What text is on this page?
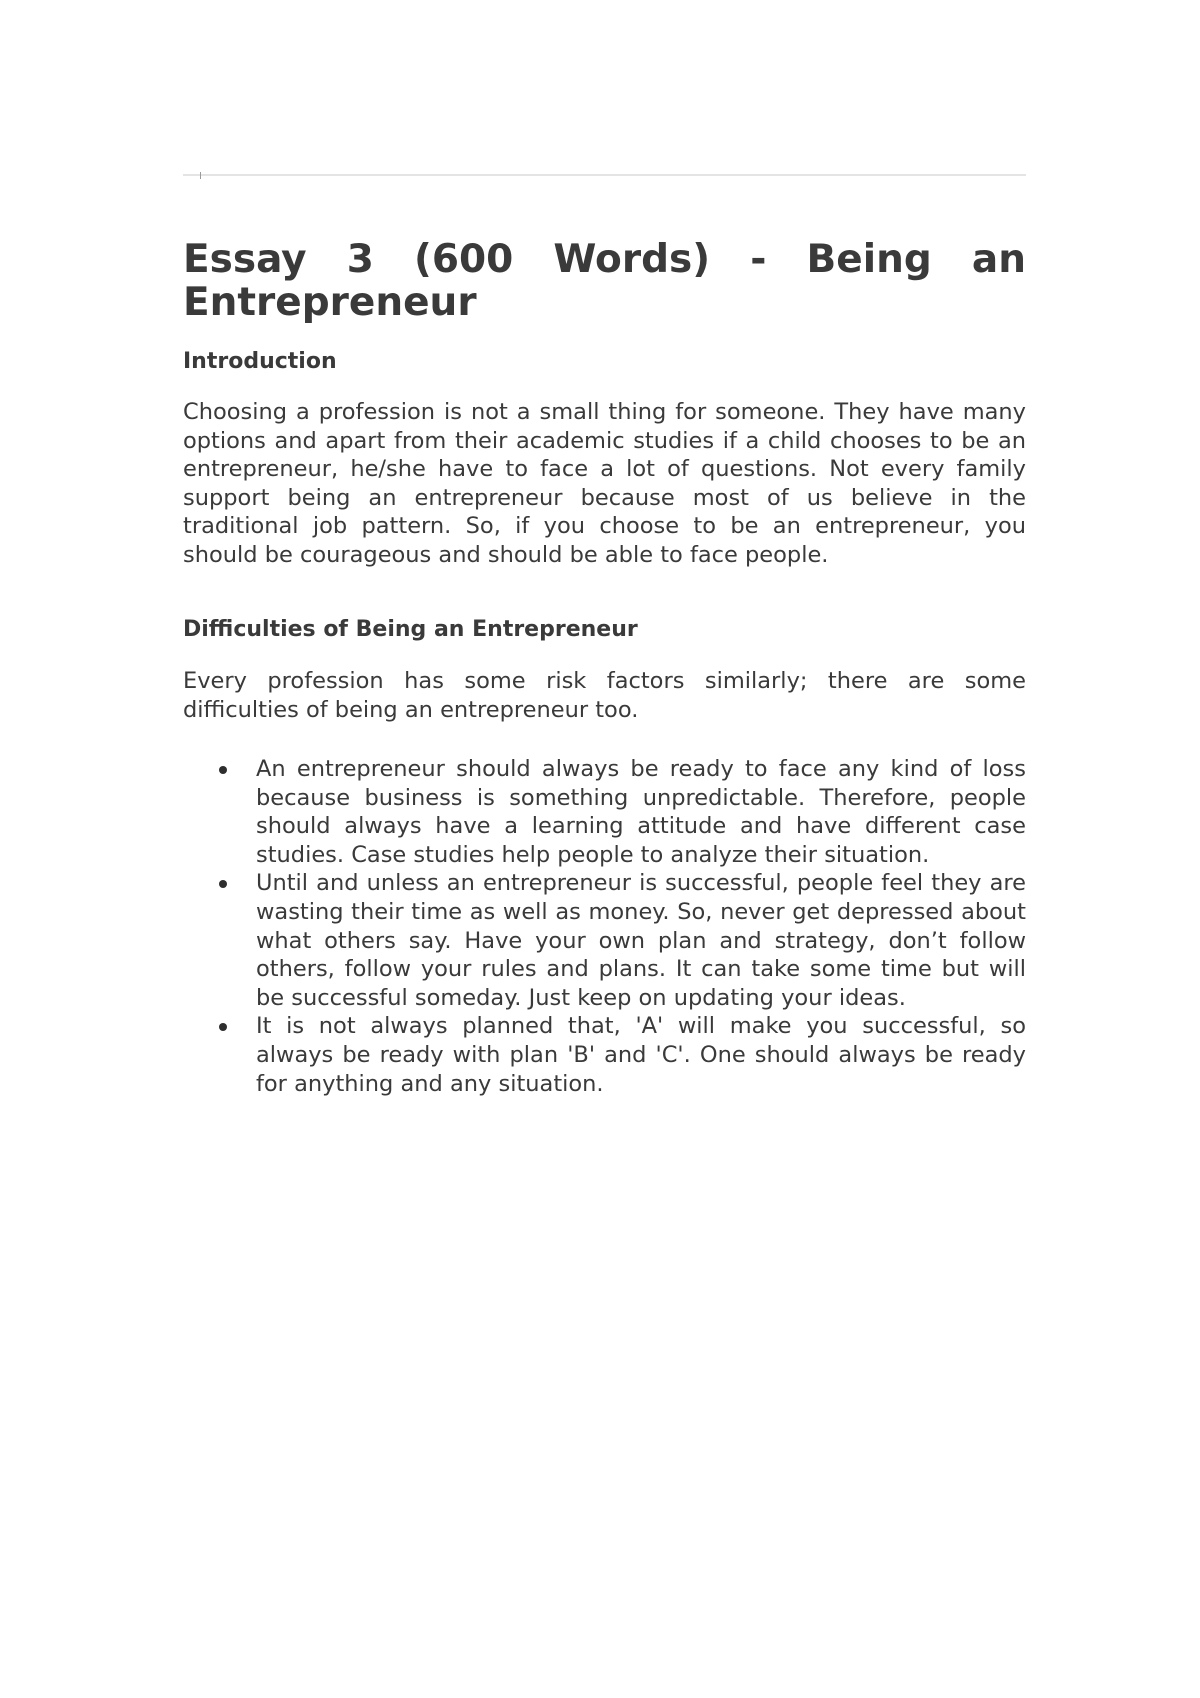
Essay 3 (600 Words) - Being an Entrepreneur
Introduction

Choosing a profession is not a small thing for someone. They have many options and apart from their academic studies if a child chooses to be an entrepreneur, he/she have to face a lot of questions. Not every family support being an entrepreneur because most of us believe in the traditional job pattern. So, if you choose to be an entrepreneur, you should be courageous and should be able to face people.

Difficulties of Being an Entrepreneur

Every profession has some risk factors similarly; there are some difficulties of being an entrepreneur too.

An entrepreneur should always be ready to face any kind of loss because business is something unpredictable. Therefore, people should always have a learning attitude and have different case studies. Case studies help people to analyze their situation.
Until and unless an entrepreneur is successful, people feel they are wasting their time as well as money. So, never get depressed about what others say. Have your own plan and strategy, don’t follow others, follow your rules and plans. It can take some time but will be successful someday. Just keep on updating your ideas.
It is not always planned that, 'A' will make you successful, so always be ready with plan 'B' and 'C'. One should always be ready for anything and any situation.
